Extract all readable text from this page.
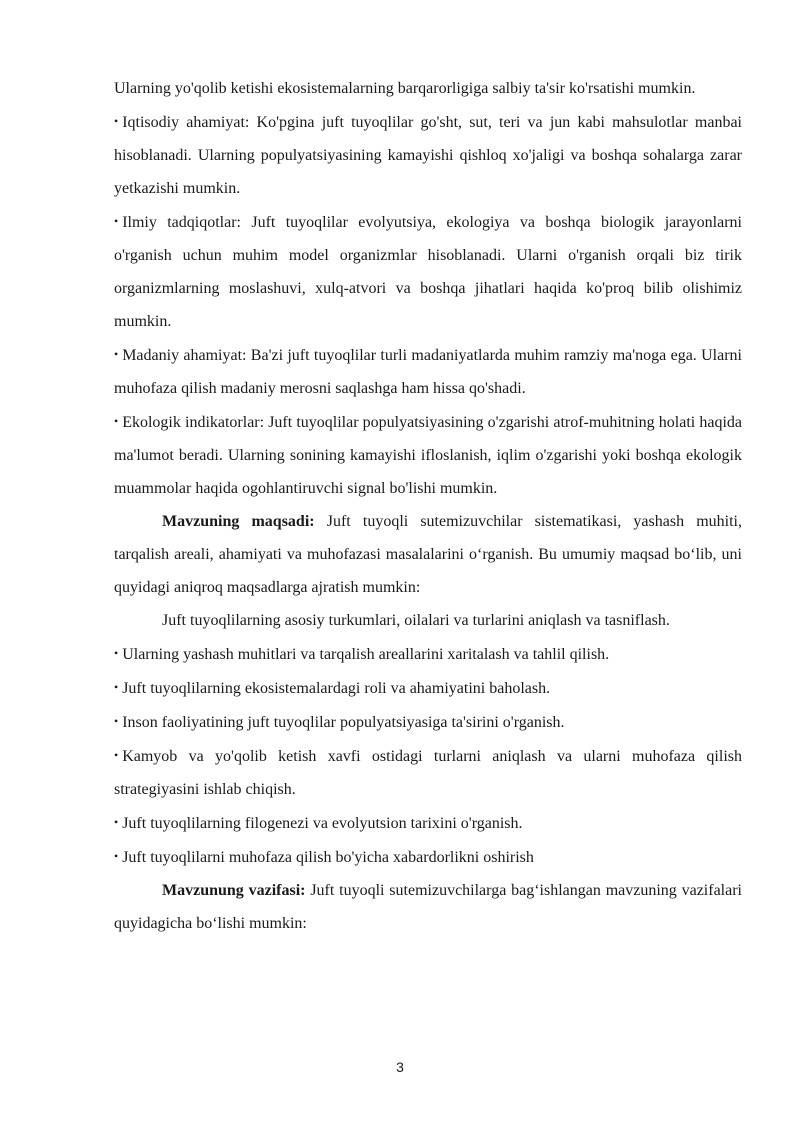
Ularning yo'qolib ketishi ekosistemalarning barqarorligiga salbiy ta'sir ko'rsatishi mumkin.

• Iqtisodiy ahamiyat: Ko'pgina juft tuyoqlilar go'sht, sut, teri va jun kabi mahsulotlar manbai hisoblanadi. Ularning populyatsiyasining kamayishi qishloq xo'jaligi va boshqa sohalarga zarar yetkazishi mumkin.

• Ilmiy tadqiqotlar: Juft tuyoqlilar evolyutsiya, ekologiya va boshqa biologik jarayonlarni o'rganish uchun muhim model organizmlar hisoblanadi. Ularni o'rganish orqali biz tirik organizmlarning moslashuvi, xulq-atvori va boshqa jihatlari haqida ko'proq bilib olishimiz mumkin.

• Madaniy ahamiyat: Ba'zi juft tuyoqlilar turli madaniyatlarda muhim ramziy ma'noga ega. Ularni muhofaza qilish madaniy merosni saqlashga ham hissa qo'shadi.

• Ekologik indikatorlar: Juft tuyoqlilar populyatsiyasining o'zgarishi atrof-muhitning holati haqida ma'lumot beradi. Ularning sonining kamayishi ifloslanish, iqlim o'zgarishi yoki boshqa ekologik muammolar haqida ogohlantiruvchi signal bo'lishi mumkin.

Mavzuning maqsadi: Juft tuyoqli sutemizuvchilar sistematikasi, yashash muhiti, tarqalish areali, ahamiyati va muhofazasi masalalarini o‘rganish. Bu umumiy maqsad bo‘lib, uni quyidagi aniqroq maqsadlarga ajratish mumkin:

Juft tuyoqlilarning asosiy turkumlari, oilalari va turlarini aniqlash va tasniflash.

• Ularning yashash muhitlari va tarqalish areallarini xaritalash va tahlil qilish.

• Juft tuyoqlilarning ekosistemalardagi roli va ahamiyatini baholash.

• Inson faoliyatining juft tuyoqlilar populyatsiyasiga ta'sirini o'rganish.

• Kamyob va yo'qolib ketish xavfi ostidagi turlarni aniqlash va ularni muhofaza qilish strategiyasini ishlab chiqish.

• Juft tuyoqlilarning filogenezi va evolyutsion tarixini o'rganish.

• Juft tuyoqlilarni muhofaza qilish bo'yicha xabardorlikni oshirish

Mavzunung vazifasi: Juft tuyoqli sutemizuvchilarga bag‘ishlangan mavzuning vazifalari quyidagicha bo‘lishi mumkin:

3
